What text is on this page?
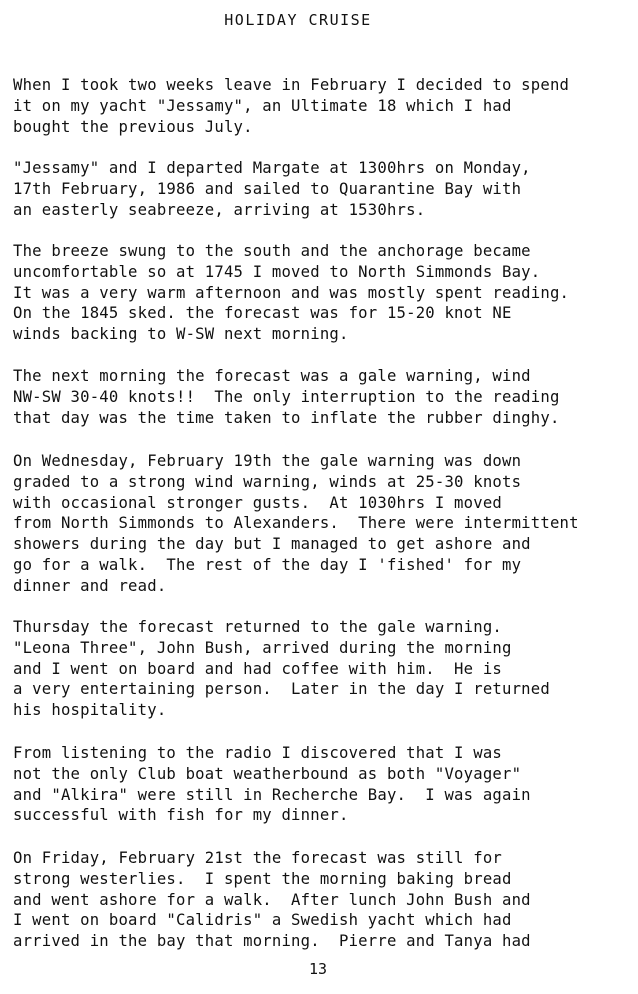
HOLIDAY CRUISE
When I took two weeks leave in February I decided to spend
it on my yacht "Jessamy", an Ultimate 18 which I had
bought the previous July.
"Jessamy" and I departed Margate at 1300hrs on Monday,
17th February, 1986 and sailed to Quarantine Bay with
an easterly seabreeze, arriving at 1530hrs.
The breeze swung to the south and the anchorage became
uncomfortable so at 1745 I moved to North Simmonds Bay.
It was a very warm afternoon and was mostly spent reading.
On the 1845 sked. the forecast was for 15-20 knot NE
winds backing to W-SW next morning.
The next morning the forecast was a gale warning, wind
NW-SW 30-40 knots!!  The only interruption to the reading
that day was the time taken to inflate the rubber dinghy.
On Wednesday, February 19th the gale warning was down
graded to a strong wind warning, winds at 25-30 knots
with occasional stronger gusts.  At 1030hrs I moved
from North Simmonds to Alexanders.  There were intermittent
showers during the day but I managed to get ashore and
go for a walk.  The rest of the day I 'fished' for my
dinner and read.
Thursday the forecast returned to the gale warning.
"Leona Three", John Bush, arrived during the morning
and I went on board and had coffee with him.  He is
a very entertaining person.  Later in the day I returned
his hospitality.
From listening to the radio I discovered that I was
not the only Club boat weatherbound as both "Voyager"
and "Alkira" were still in Recherche Bay.  I was again
successful with fish for my dinner.
On Friday, February 21st the forecast was still for
strong westerlies.  I spent the morning baking bread
and went ashore for a walk.  After lunch John Bush and
I went on board "Calidris" a Swedish yacht which had
arrived in the bay that morning.  Pierre and Tanya had
13
